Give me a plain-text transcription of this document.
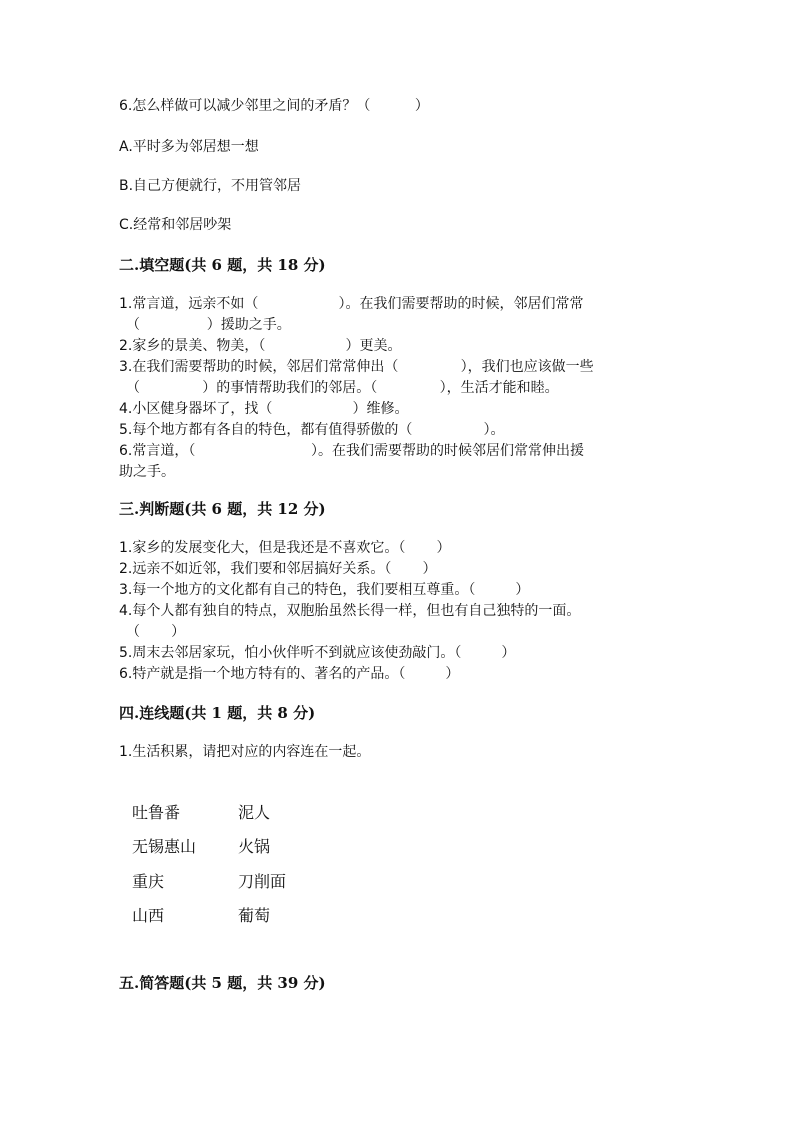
6.怎么样做可以减少邻里之间的矛盾？（          ）
A.平时多为邻居想一想
B.自己方便就行，不用管邻居
C.经常和邻居吵架
二.填空题(共 6 题，共 18 分)
1.常言道，远亲不如（                  ）。在我们需要帮助的时候，邻居们常常
（               ）援助之手。
2.家乡的景美、物美，（                  ）更美。
3.在我们需要帮助的时候，邻居们常常伸出（              ），我们也应该做一些
（              ）的事情帮助我们的邻居。（              ），生活才能和睦。
4.小区健身器坏了，找（                  ）维修。
5.每个地方都有各自的特色，都有值得骄傲的（                ）。
6.常言道，（                          ）。在我们需要帮助的时候邻居们常常伸出援
助之手。
三.判断题(共 6 题，共 12 分)
1.家乡的发展变化大，但是我还是不喜欢它。（       ）
2.远亲不如近邻，我们要和邻居搞好关系。（       ）
3.每一个地方的文化都有自己的特色，我们要相互尊重。（         ）
4.每个人都有独自的特点，双胞胎虽然长得一样，但也有自己独特的一面。
（       ）
5.周末去邻居家玩，怕小伙伴听不到就应该使劲敲门。（         ）
6.特产就是指一个地方特有的、著名的产品。（         ）
四.连线题(共 1 题，共 8 分)
1.生活积累，请把对应的内容连在一起。
吐鲁番
无锡惠山
重庆
山西
泥人
火锅
刀削面
葡萄
五.简答题(共 5 题，共 39 分)
